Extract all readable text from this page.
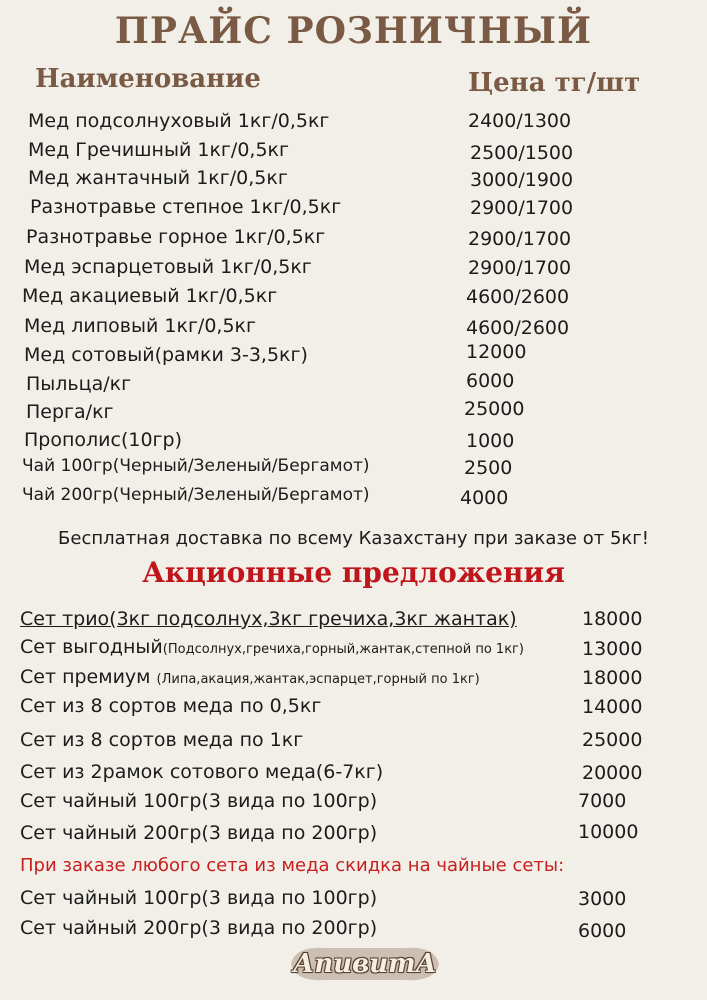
ПРАЙС РОЗНИЧНЫЙ
Наименование	Цена тг/шт
Мед подсолнуховый 1кг/0,5кг	2400/1300
Мед Гречишный 1кг/0,5кг	2500/1500
Мед жантачный 1кг/0,5кг	3000/1900
Разнотравье степное 1кг/0,5кг	2900/1700
Разнотравье горное 1кг/0,5кг	2900/1700
Мед эспарцетовый 1кг/0,5кг	2900/1700
Мед акациевый 1кг/0,5кг	4600/2600
Мед липовый 1кг/0,5кг	4600/2600
Мед сотовый(рамки 3-3,5кг)	12000
Пыльца/кг	6000
Перга/кг	25000
Прополис(10гр)	1000
Чай 100гр(Черный/Зеленый/Бергамот)	2500
Чай 200гр(Черный/Зеленый/Бергамот)	4000
Бесплатная доставка по всему Казахстану при заказе от 5кг!
Акционные предложения
Сет трио(3кг подсолнух,3кг гречиха,3кг жантак)	18000
Сет выгодный(Подсолнух,гречиха,горный,жантак,степной по 1кг)	13000
Сет премиум (Липа,акация,жантак,эспарцет,горный по 1кг)	18000
Сет из 8 сортов меда по 0,5кг	14000
Сет из 8 сортов меда по 1кг	25000
Сет из 2рамок сотового меда(6-7кг)	20000
Сет чайный 100гр(3 вида по 100гр)	7000
Сет чайный 200гр(3 вида по 200гр)	10000
При заказе любого сета из меда скидка на чайные сеты:
Сет чайный 100гр(3 вида по 100гр)	3000
Сет чайный 200гр(3 вида по 200гр)	6000
АпивитА
